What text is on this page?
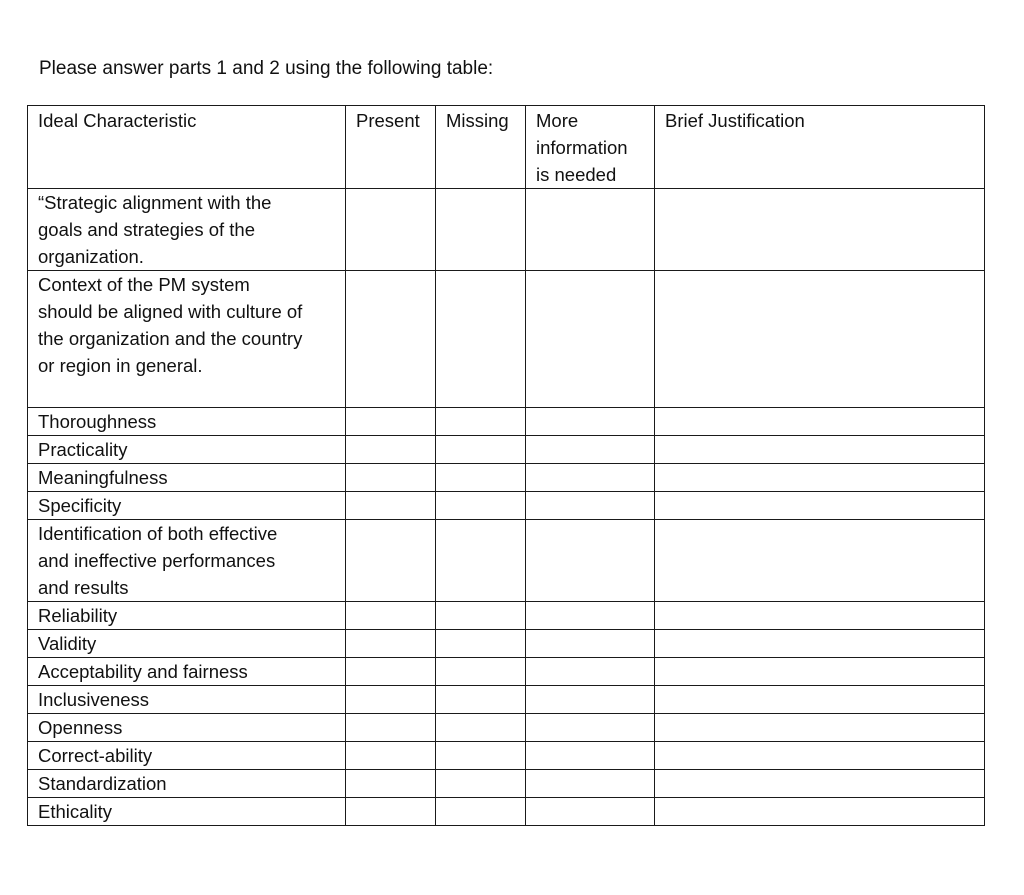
Please answer parts 1 and 2 using the following table:
Ideal Characteristic	Present	Missing	More
information
is needed	Brief Justification

“Strategic alignment with the
goals and strategies of the
organization.				

Context of the PM system
should be aligned with culture of
the organization and the country
or region in general.				

Thoroughness				

Practicality				

Meaningfulness				

Specificity				

Identification of both effective
and ineffective performances
and results				

Reliability				

Validity				

Acceptability and fairness				

Inclusiveness				

Openness				

Correct-ability				

Standardization				

Ethicality				
